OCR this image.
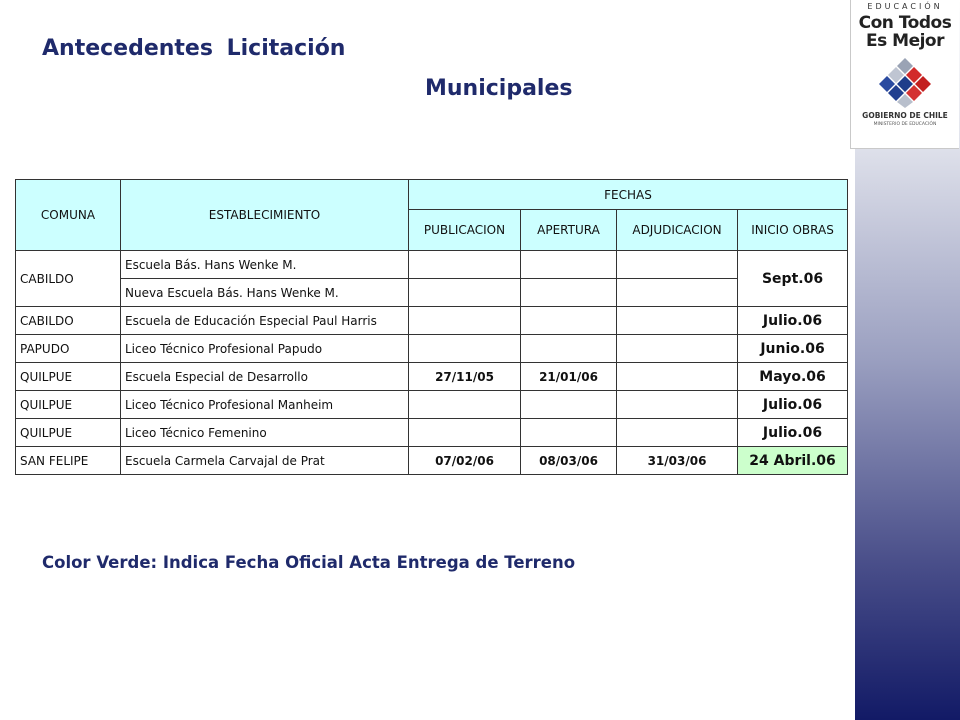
EDUCACIÓN
Con Todos
Es Mejor
GOBIERNO DE CHILE
MINISTERIO DE EDUCACIÓN
Antecedentes Licitación
Municipales
COMUNA	ESTABLECIMIENTO	FECHAS			
		PUBLICACION	APERTURA	ADJUDICACION	INICIO OBRAS
CABILDO	Escuela Bás. Hans Wenke M.				Sept.06
	Nueva Escuela Bás. Hans Wenke M.				
CABILDO	Escuela de Educación Especial Paul Harris				Julio.06
PAPUDO	Liceo Técnico Profesional Papudo				Junio.06
QUILPUE	Escuela Especial de Desarrollo	27/11/05	21/01/06		Mayo.06
QUILPUE	Liceo Técnico Profesional Manheim				Julio.06
QUILPUE	Liceo Técnico Femenino				Julio.06
SAN FELIPE	Escuela Carmela Carvajal de Prat	07/02/06	08/03/06	31/03/06	24 Abril.06
Color Verde: Indica Fecha Oficial Acta Entrega de Terreno
